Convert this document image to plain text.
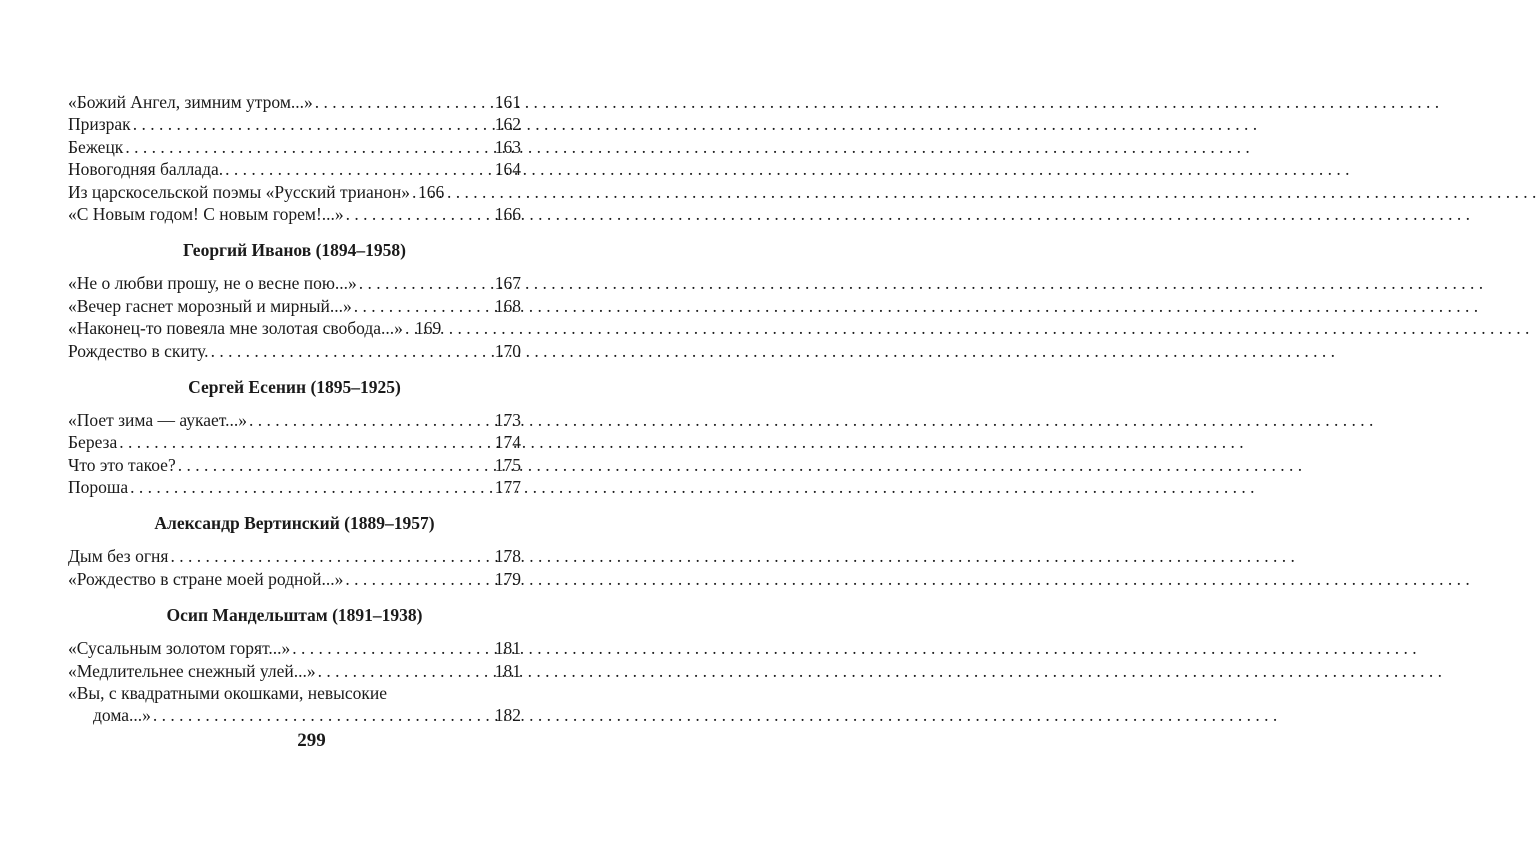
«Божий Ангел, зимним утром...» . . .	161
Призрак . . .	162
Бежецк . . .	163
Новогодняя баллада. . . .	164
Из царскосельской поэмы «Русский трианон» . . . 166
«С Новым годом! С новым горем!...» . . .	166
Георгий Иванов (1894–1958)
«Не о любви прошу, не о весне пою...» . . .	167
«Вечер гаснет морозный и мирный...» . . .	168
«Наконец-то повеяла мне золотая свобода...» . . . 169
Рождество в скиту. . . .	170
Сергей Есенин (1895–1925)
«Поет зима — аукает...» . . .	173
Береза . . .	174
Что это такое? . . .	175
Пороша . . .	177
Александр Вертинский (1889–1957)
Дым без огня . . .	178
«Рождество в стране моей родной...» . . .	179
Осип Мандельштам (1891–1938)
«Сусальным золотом горят...» . . .	181
«Медлительнее снежный улей...» . . .	181
«Вы, с квадратными окошками, невысокие
дома...» . . .	182
299
